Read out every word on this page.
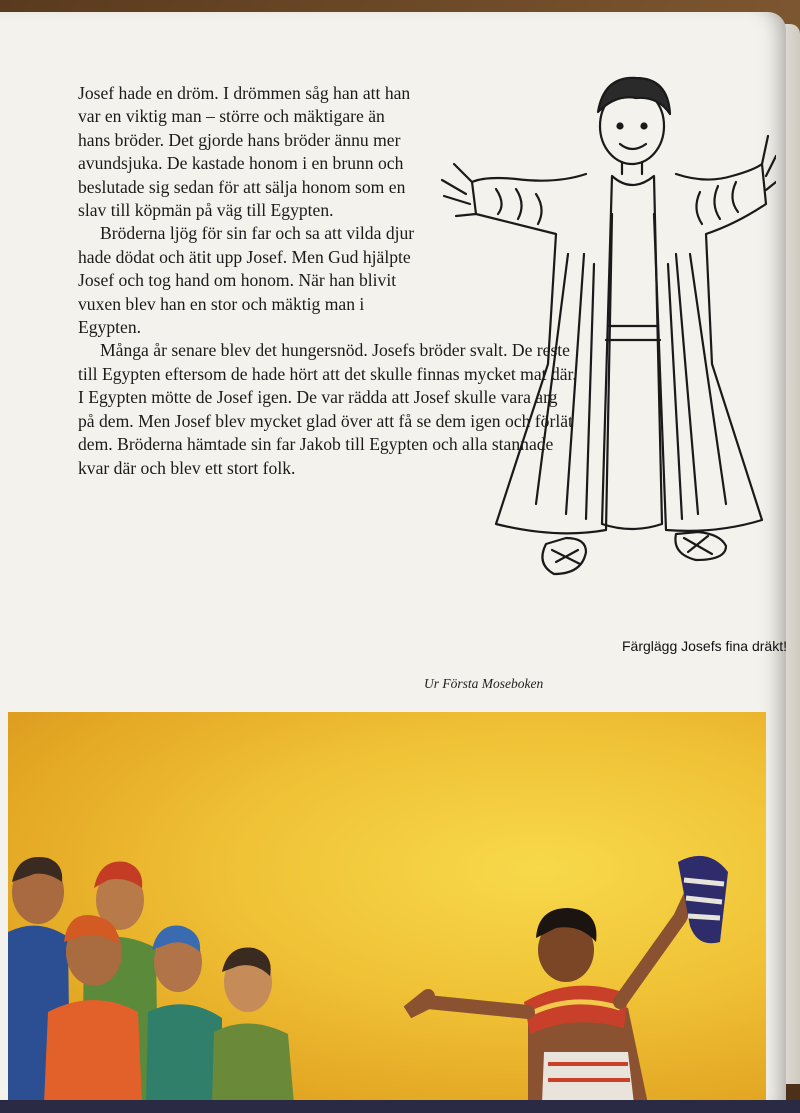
Josef hade en dröm. I drömmen såg han att han var en viktig man – större och mäktigare än hans bröder. Det gjorde hans bröder ännu mer avundsjuka. De kastade honom i en brunn och beslutade sig sedan för att sälja honom som en slav till köpmän på väg till Egypten.

Bröderna ljög för sin far och sa att vilda djur hade dödat och ätit upp Josef. Men Gud hjälpte Josef och tog hand om honom. När han blivit vuxen blev han en stor och mäktig man i Egypten.

Många år senare blev det hungersnöd. Josefs bröder svalt. De reste till Egypten eftersom de hade hört att det skulle finnas mycket mat där. I Egypten mötte de Josef igen. De var rädda att Josef skulle vara arg på dem. Men Josef blev mycket glad över att få se dem igen och förlät dem. Bröderna hämtade sin far Jakob till Egypten och alla stannade kvar där och blev ett stort folk.

Färglägg Josefs fina dräkt!
Ur Första Moseboken
